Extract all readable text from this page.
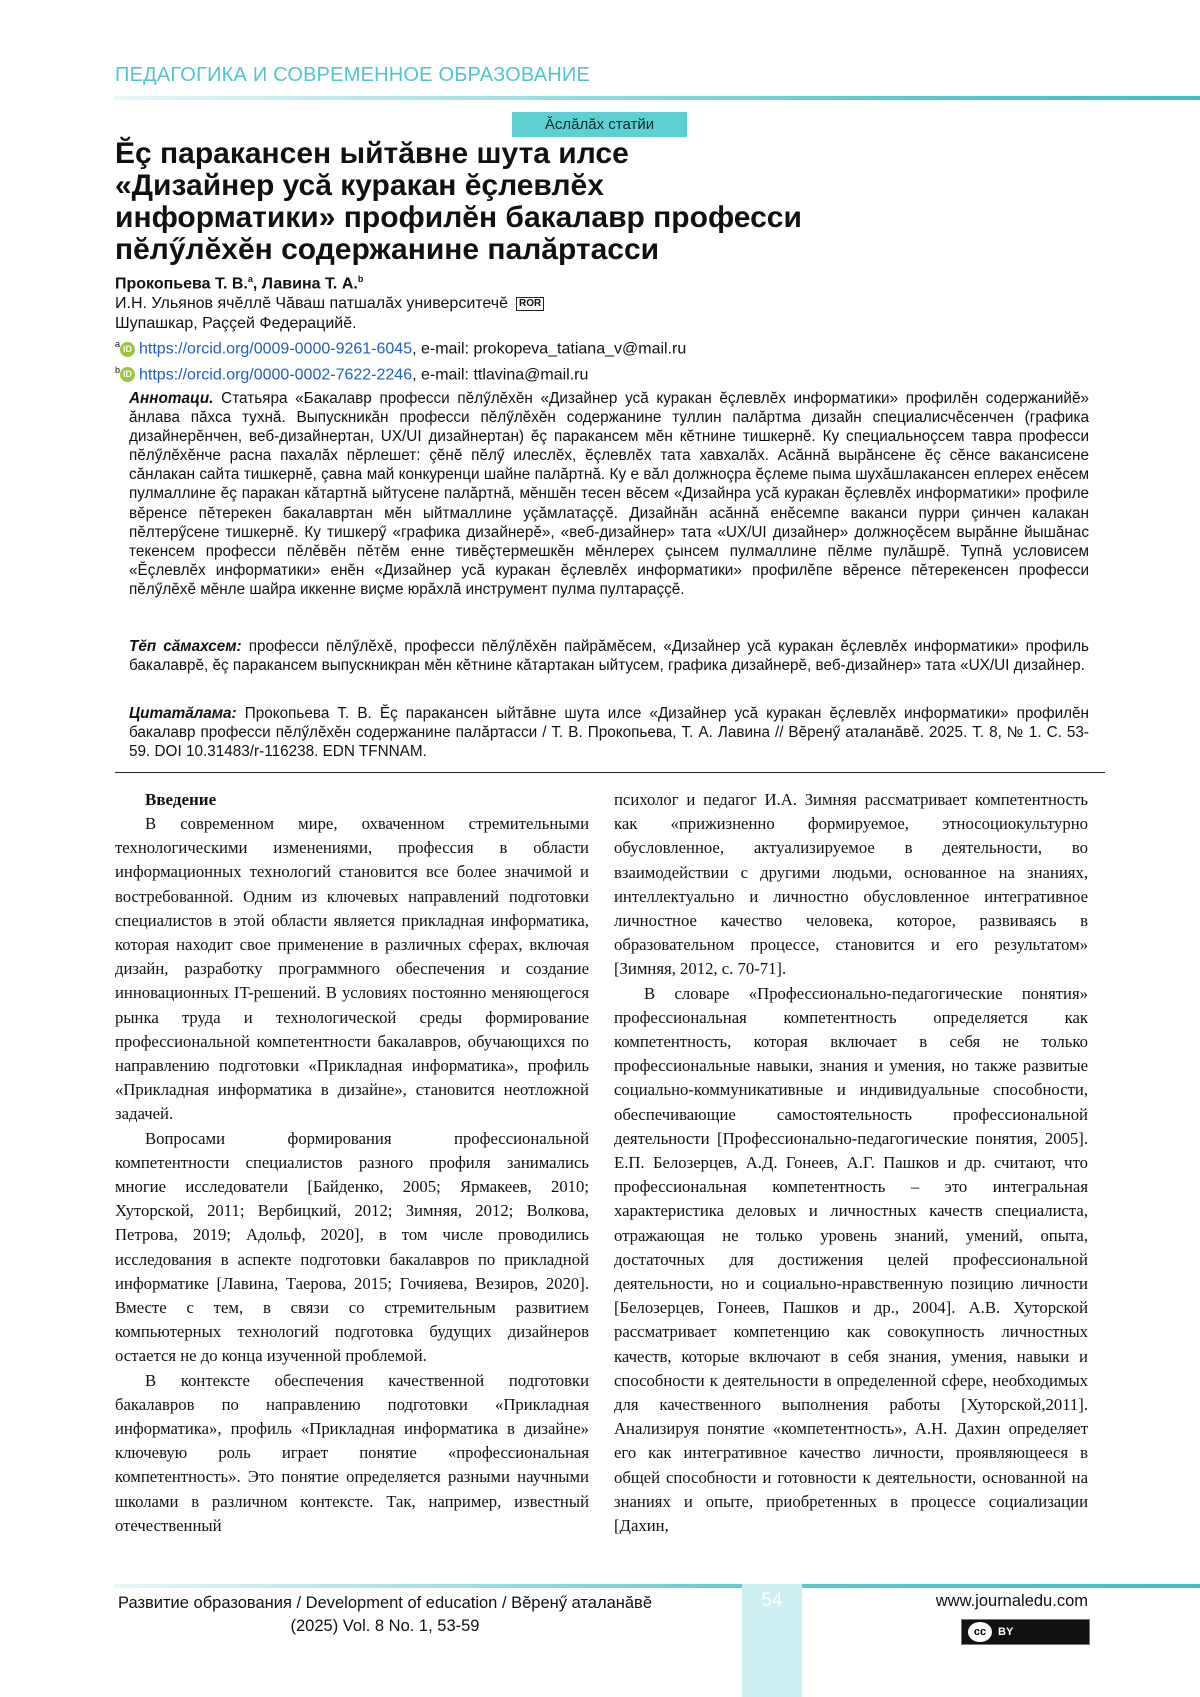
ПЕДАГОГИКА И СОВРЕМЕННОЕ ОБРАЗОВАНИЕ
Ăслăлăх статйи
Ĕç паракансен ыйтăвне шута илсе
«Дизайнер усă куракан ĕçлевлĕх
информатики» профилĕн бакалавр професси
пĕлӳлĕхĕн содержанине палăртасси
Прокопьева Т. В.$^a$, Лавина Т. А.$^b$
И.Н. Ульянов ячĕллĕ Чăваш патшалăх университечĕ ROR
Шупашкар, Раççей Федерацийĕ.
$^a$ iD https://orcid.org/0009-0000-9261-6045, e-mail: prokopeva_tatiana_v@mail.ru
$^b$ iD https://orcid.org/0000-0002-7622-2246, e-mail: ttlavina@mail.ru

Аннотаци. Статьяра «Бакалавр професси пĕлӳлĕхĕн «Дизайнер усă куракан ĕçлевлĕх информатики» профилĕн содержанийĕ» ăнлава пăхса тухнă. Выпускникăн професси пĕлӳлĕхĕн содержанине туллин палăртма дизайн специалисчĕсенчен (графика дизайнерĕнчен, веб-дизайнертан, UX/UI дизайнертан) ĕç паракансем мĕн кĕтнине тишкернĕ. Ку специальноçсем тавра професси пĕлӳлĕхĕнче расна пахалăх пĕрлешет: çĕнĕ пĕлӳ илеслĕх, ĕçлевлĕх тата хавхалăх. Асăннă вырăнсене ĕç сĕнсе вакансисене сăнлакан сайта тишкернĕ, çавна май конкуренци шайне палăртнă. Ку е вăл должноçра ĕçлеме пыма шухăшлакансен еплерех енĕсем пулмаллине ĕç паракан кăтартнă ыйтусене палăртнă, мĕншĕн тесен вĕсем «Дизайнра усă куракан ĕçлевлĕх информатики» профиле вĕренсе пĕтерекен бакалавртан мĕн ыйтмаллине уçăмлатаççĕ. Дизайнăн асăннă енĕсемпе ваканси пурри çинчен калакан пĕлтерӳсене тишкернĕ. Ку тишкерӳ «графика дизайнерĕ», «веб-дизайнер» тата «UX/UI дизайнер» должноçĕсем вырăнне йышăнас текенсем професси пĕлĕвĕн пĕтĕм енне тивĕçтермешкĕн мĕнлерех çынсем пулмаллине пĕлме пулăшрĕ. Тупнă условисем «Ĕçлевлĕх информатики» енĕн «Дизайнер усă куракан ĕçлевлĕх информатики» профилĕпе вĕренсе пĕтерекенсен професси пĕлӳлĕхĕ мĕнле шайра иккенне виçме юрăхлă инструмент пулма пултараççĕ.

Тĕп сăмахсем: професси пĕлӳлĕхĕ, професси пĕлӳлĕхĕн пайрăмĕсем, «Дизайнер усă куракан ĕçлевлĕх информатики» профиль бакалаврĕ, ĕç паракансем выпускникран мĕн кĕтнине кăтартакан ыйтусем, графика дизайнерĕ, веб-дизайнер» тата «UX/UI дизайнер.

Цитатăлама: Прокопьева Т. В. Ĕç паракансен ыйтăвне шута илсе «Дизайнер усă куракан ĕçлевлĕх информатики» профилĕн бакалавр професси пĕлӳлĕхĕн содержанине палăртасси / Т. В. Прокопьева, Т. А. Лавина // Вĕренӳ аталанăвĕ. 2025. Т. 8, № 1. С. 53-59. DOI 10.31483/r-116238. EDN TFNNAM.

Введение

В современном мире, охваченном стремительными технологическими изменениями, профессия в области информационных технологий становится все более значимой и востребованной. Одним из ключевых направлений подготовки специалистов в этой области является прикладная информатика, которая находит свое применение в различных сферах, включая дизайн, разработку программного обеспечения и создание инновационных IT-решений. В условиях постоянно меняющегося рынка труда и технологической среды формирование профессиональной компетентности бакалавров, обучающихся по направлению подготовки «Прикладная информатика», профиль «Прикладная информатика в дизайне», становится неотложной задачей.

Вопросами формирования профессиональной компетентности специалистов разного профиля занимались многие исследователи [Байденко, 2005; Ярмакеев, 2010; Хуторской, 2011; Вербицкий, 2012; Зимняя, 2012; Волкова, Петрова, 2019; Адольф, 2020], в том числе проводились исследования в аспекте подготовки бакалавров по прикладной информатике [Лавина, Таерова, 2015; Гочияева, Везиров, 2020]. Вместе с тем, в связи со стремительным развитием компьютерных технологий подготовка будущих дизайнеров остается не до конца изученной проблемой.

В контексте обеспечения качественной подготовки бакалавров по направлению подготовки «Прикладная информатика», профиль «Прикладная информатика в дизайне» ключевую роль играет понятие «профессиональная компетентность». Это понятие определяется разными научными школами в различном контексте. Так, например, известный отечественный

психолог и педагог И.А. Зимняя рассматривает компетентность как «прижизненно формируемое, этносоциокультурно обусловленное, актуализируемое в деятельности, во взаимодействии с другими людьми, основанное на знаниях, интеллектуально и личностно обусловленное интегративное личностное качество человека, которое, развиваясь в образовательном процессе, становится и его результатом» [Зимняя, 2012, с. 70-71].

В словаре «Профессионально-педагогические понятия» профессиональная компетентность определяется как компетентность, которая включает в себя не только профессиональные навыки, знания и умения, но также развитые социально-коммуникативные и индивидуальные способности, обеспечивающие самостоятельность профессиональной деятельности [Профессионально-педагогические понятия, 2005]. Е.П. Белозерцев, А.Д. Гонеев, А.Г. Пашков и др. считают, что профессиональная компетентность – это интегральная характеристика деловых и личностных качеств специалиста, отражающая не только уровень знаний, умений, опыта, достаточных для достижения целей профессиональной деятельности, но и социально-нравственную позицию личности [Белозерцев, Гонеев, Пашков и др., 2004]. А.В. Хуторской рассматривает компетенцию как совокупность личностных качеств, которые включают в себя знания, умения, навыки и способности к деятельности в определенной сфере, необходимых для качественного выполнения работы [Хуторской,2011]. Анализируя понятие «компетентность», А.Н. Дахин определяет его как интегративное качество личности, проявляющееся в общей способности и готовности к деятельности, основанной на знаниях и опыте, приобретенных в процессе социализации [Дахин,

54
Развитие образования / Development of education / Вĕренӳ аталанăвĕ
(2025) Vol. 8 No. 1, 53-59
www.journaledu.com
cc	BY
